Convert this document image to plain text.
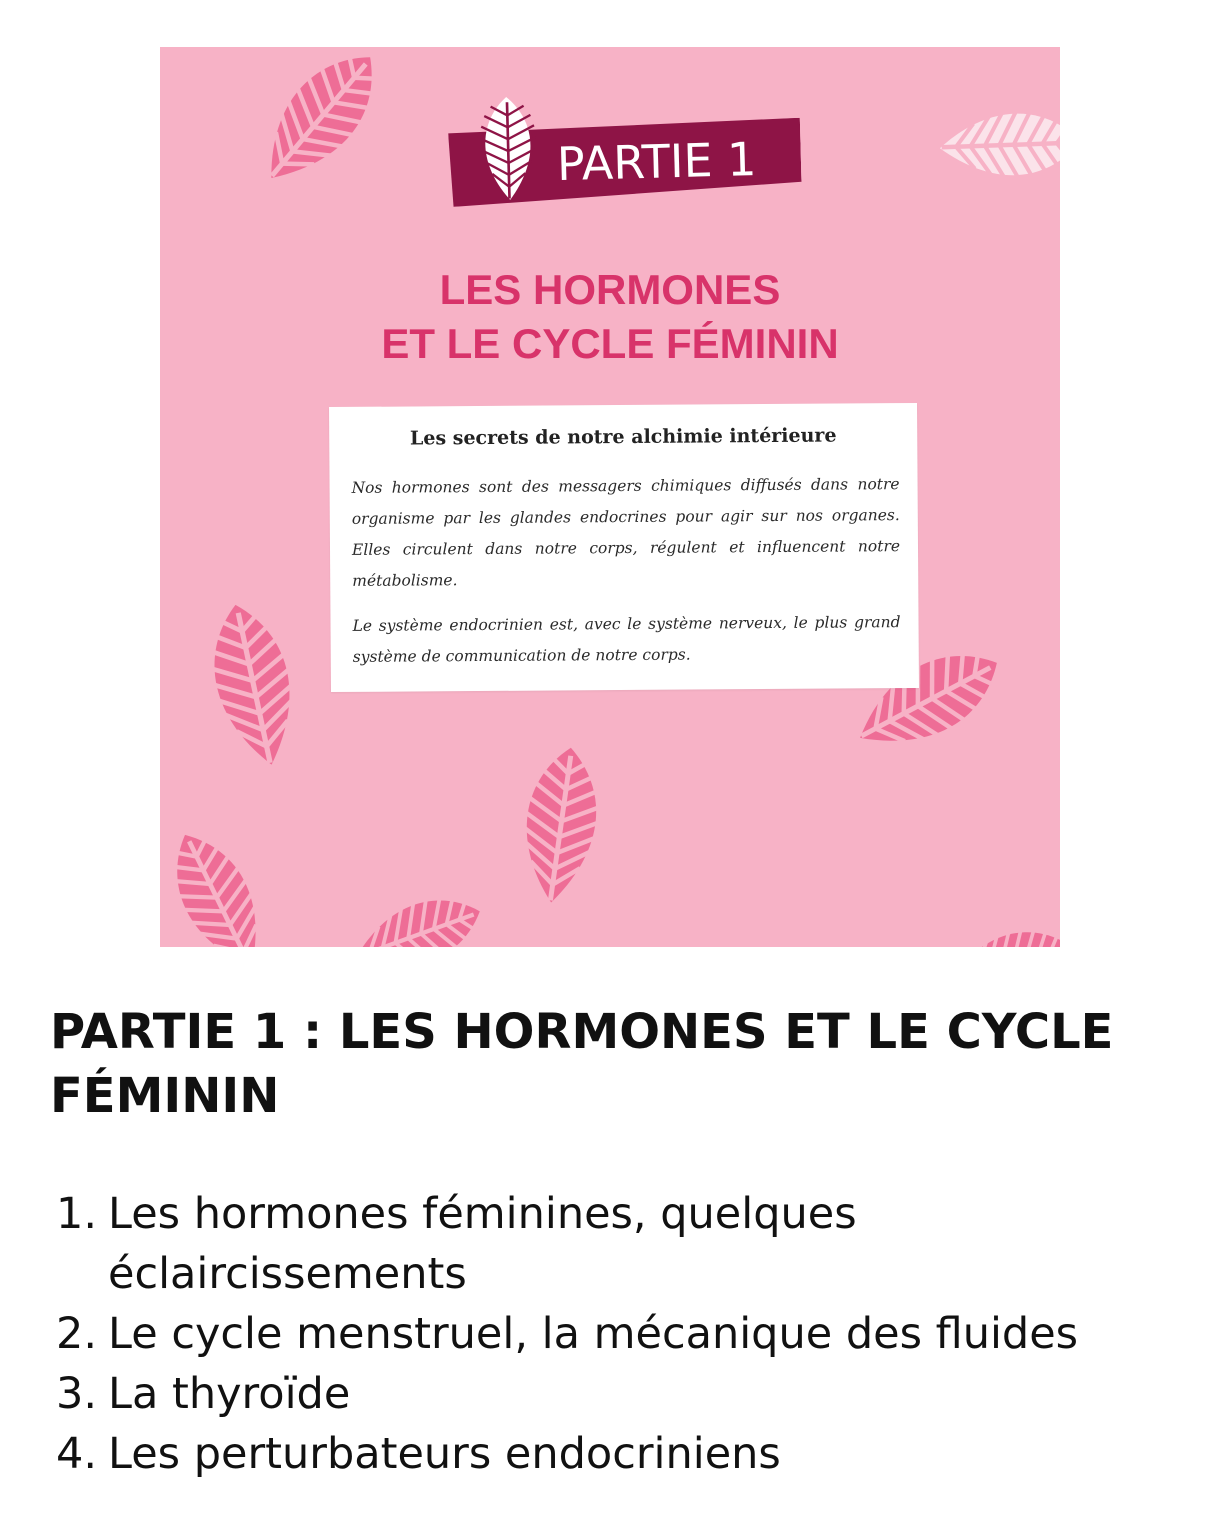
PARTIE 1
LES HORMONES
ET LE CYCLE FÉMININ
Les secrets de notre alchimie intérieure
Nos hormones sont des messagers chimiques diffusés dans notre organisme par les glandes endocrines pour agir sur nos organes. Elles circulent dans notre corps, régulent et influencent notre métabolisme.
Le système endocrinien est, avec le système nerveux, le plus grand système de communication de notre corps.
PARTIE 1 : LES HORMONES ET LE CYCLE FÉMININ
1. Les hormones féminines, quelques éclaircissements
2. Le cycle menstruel, la mécanique des fluides
3. La thyroïde
4. Les perturbateurs endocriniens
